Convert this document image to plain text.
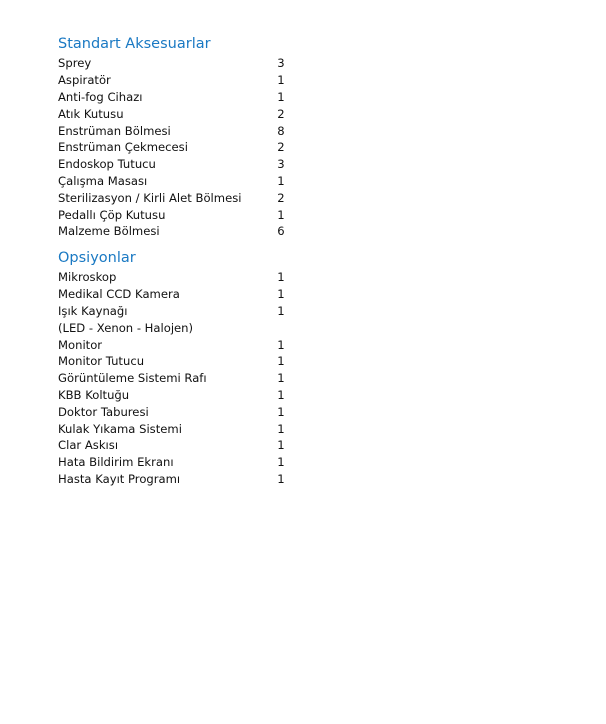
Standart Aksesuarlar
Sprey	3
Aspiratör	1
Anti-fog Cihazı	1
Atık Kutusu	2
Enstrüman Bölmesi	8
Enstrüman Çekmecesi	2
Endoskop Tutucu	3
Çalışma Masası	1
Sterilizasyon / Kirli Alet Bölmesi	2
Pedallı Çöp Kutusu	1
Malzeme Bölmesi	6
Opsiyonlar
Mikroskop	1
Medikal CCD Kamera	1
Işık Kaynağı	1
(LED - Xenon - Halojen)
Monitor	1
Monitor Tutucu	1
Görüntüleme Sistemi Rafı	1
KBB Koltuğu	1
Doktor Taburesi	1
Kulak Yıkama Sistemi	1
Clar Askısı	1
Hata Bildirim Ekranı	1
Hasta Kayıt Programı	1
